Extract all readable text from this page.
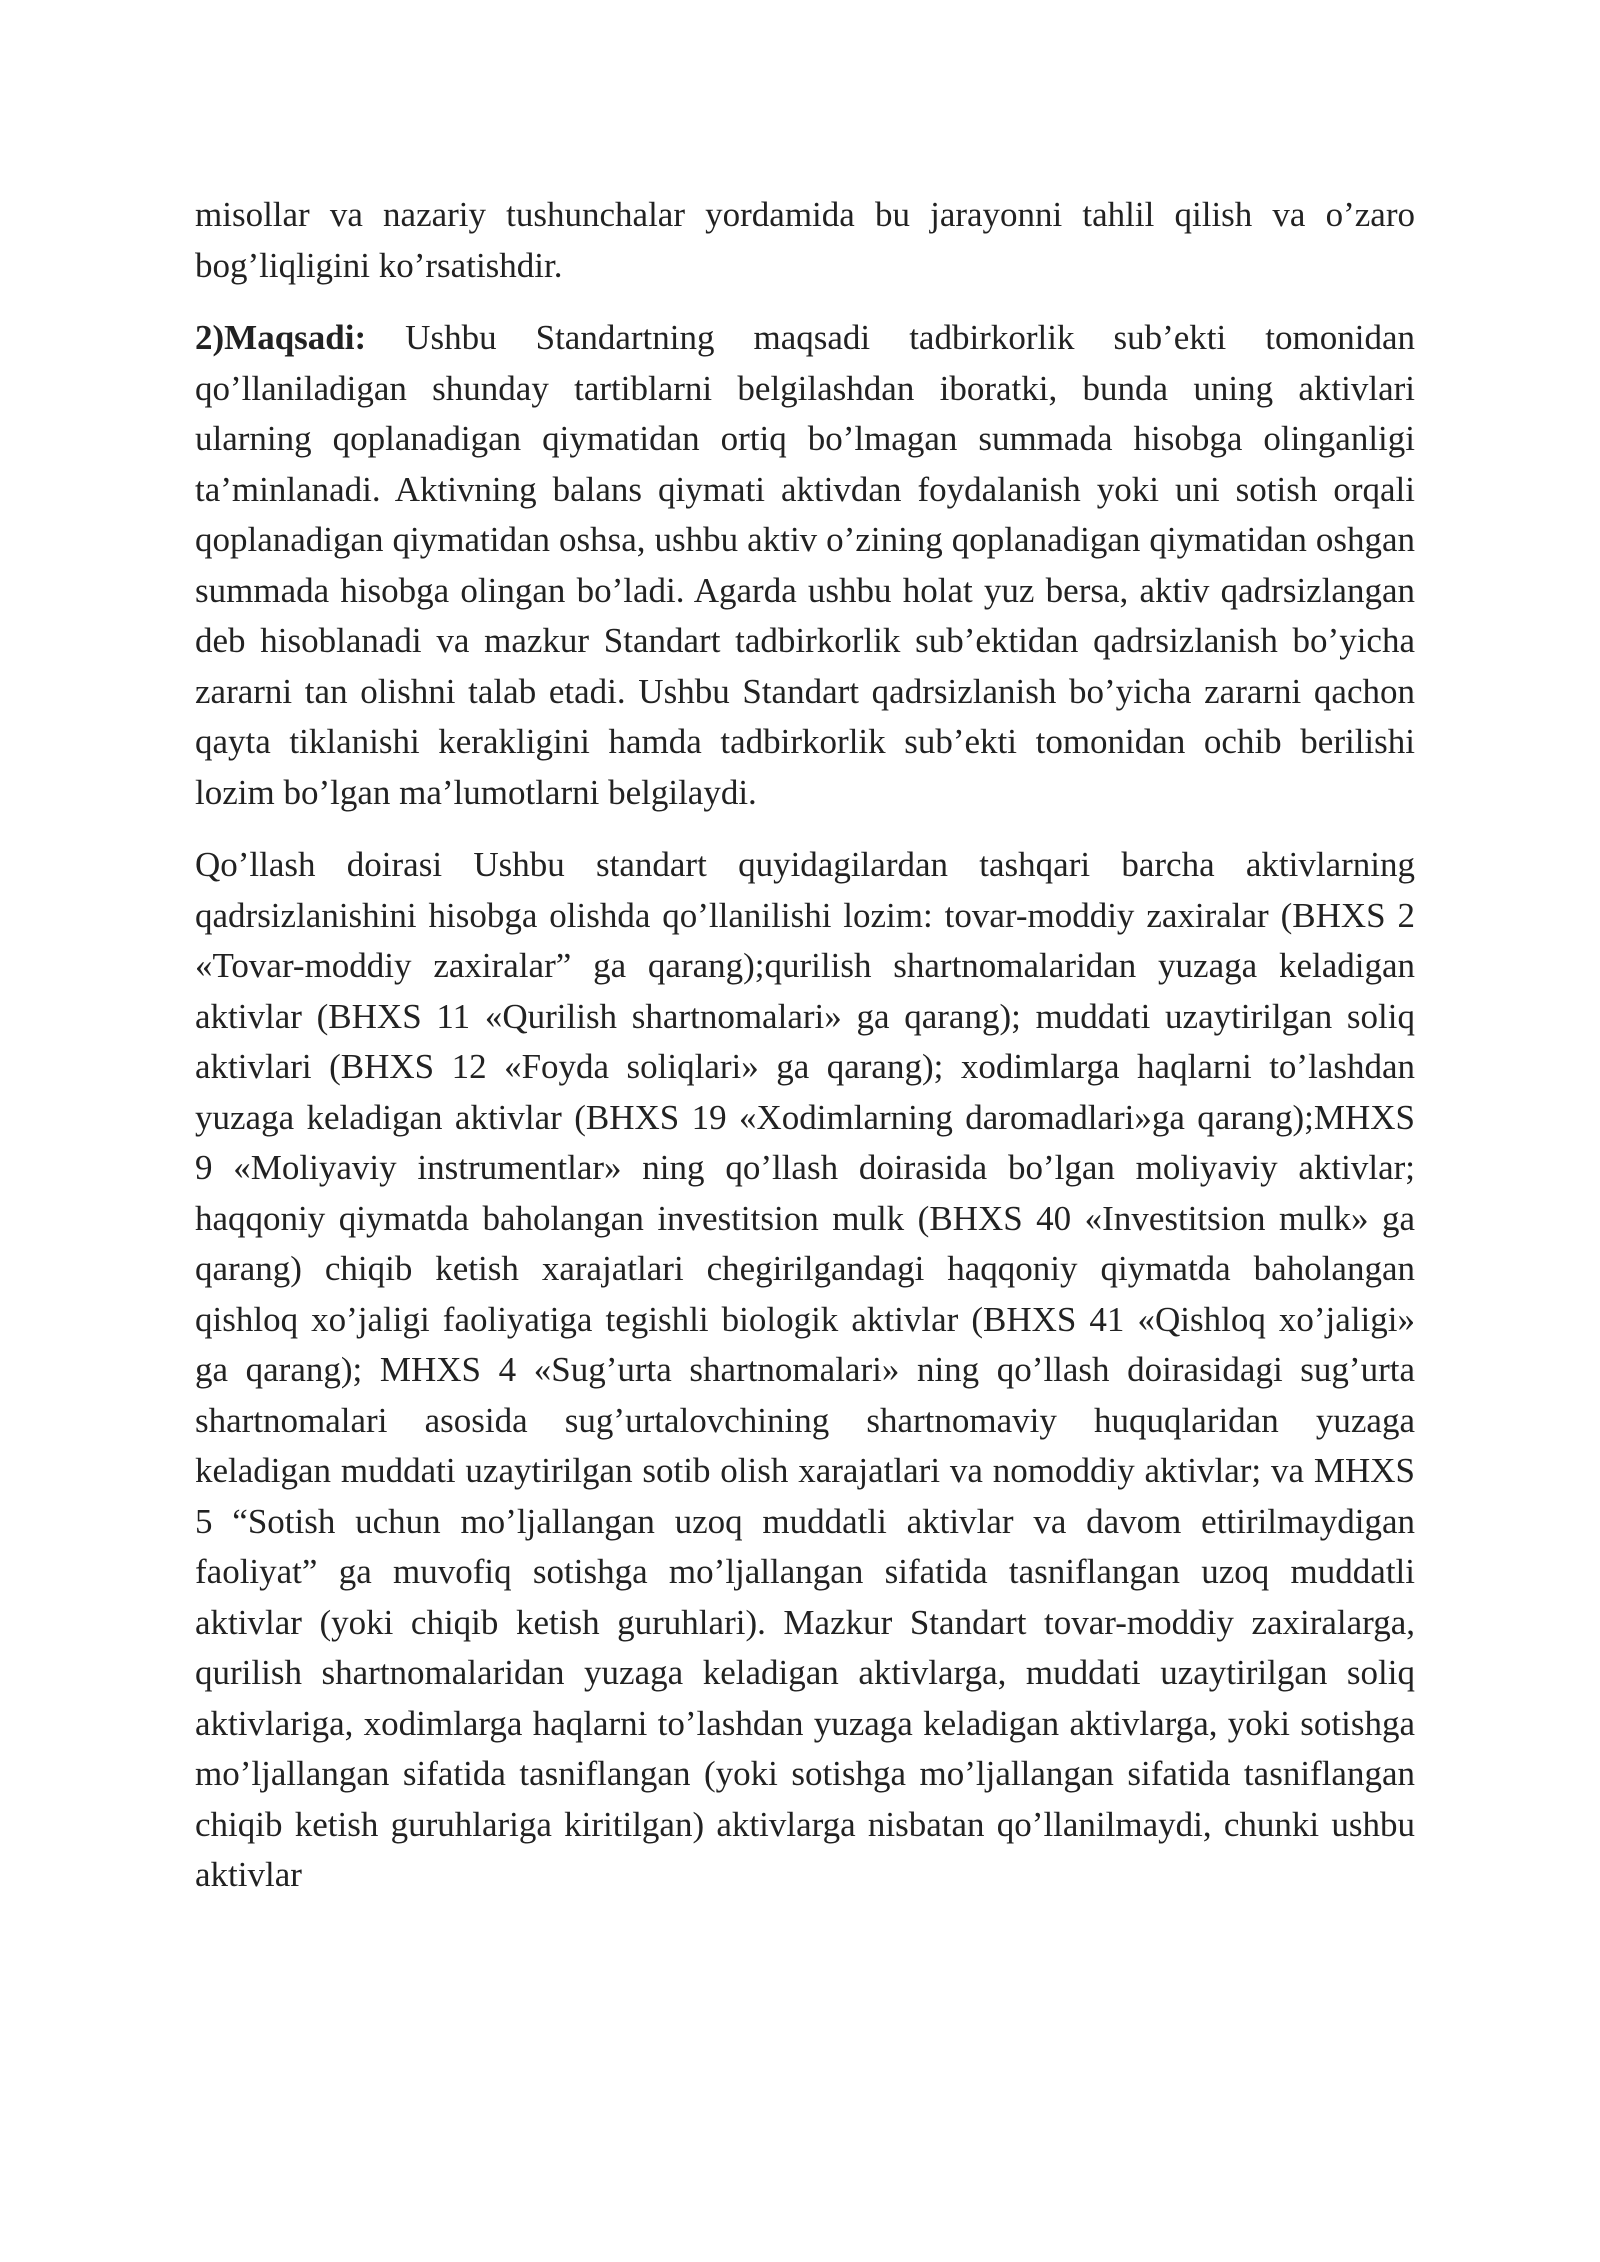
misollar va nazariy tushunchalar yordamida bu jarayonni tahlil qilish va o’zaro bog’liqligini ko’rsatishdir.

2)Maqsadi: Ushbu Standartning maqsadi tadbirkorlik sub’ekti tomonidan qo’llaniladigan shunday tartiblarni belgilashdan iboratki, bunda uning aktivlari ularning qoplanadigan qiymatidan ortiq bo’lmagan summada hisobga olinganligi ta’minlanadi. Aktivning balans qiymati aktivdan foydalanish yoki uni sotish orqali qoplanadigan qiymatidan oshsa, ushbu aktiv o’zining qoplanadigan qiymatidan oshgan summada hisobga olingan bo’ladi. Agarda ushbu holat yuz bersa, aktiv qadrsizlangan deb hisoblanadi va mazkur Standart tadbirkorlik sub’ektidan qadrsizlanish bo’yicha zararni tan olishni talab etadi. Ushbu Standart qadrsizlanish bo’yicha zararni qachon qayta tiklanishi kerakligini hamda tadbirkorlik sub’ekti tomonidan ochib berilishi lozim bo’lgan ma’lumotlarni belgilaydi.

Qo’llash doirasi Ushbu standart quyidagilardan tashqari barcha aktivlarning qadrsizlanishini hisobga olishda qo’llanilishi lozim: tovar-moddiy zaxiralar (BHXS 2 «Tovar-moddiy zaxiralar” ga qarang);qurilish shartnomalaridan yuzaga keladigan aktivlar (BHXS 11 «Qurilish shartnomalari» ga qarang); muddati uzaytirilgan soliq aktivlari (BHXS 12 «Foyda soliqlari» ga qarang); xodimlarga haqlarni to’lashdan yuzaga keladigan aktivlar (BHXS 19 «Xodimlarning daromadlari»ga qarang);MHXS 9 «Moliyaviy instrumentlar» ning qo’llash doirasida bo’lgan moliyaviy aktivlar; haqqoniy qiymatda baholangan investitsion mulk (BHXS 40 «Investitsion mulk» ga qarang) chiqib ketish xarajatlari chegirilgandagi haqqoniy qiymatda baholangan qishloq xo’jaligi faoliyatiga tegishli biologik aktivlar (BHXS 41 «Qishloq xo’jaligi» ga qarang); MHXS 4 «Sug’urta shartnomalari» ning qo’llash doirasidagi sug’urta shartnomalari asosida sug’urtalovchining shartnomaviy huquqlaridan yuzaga keladigan muddati uzaytirilgan sotib olish xarajatlari va nomoddiy aktivlar; va MHXS 5 “Sotish uchun mo’ljallangan uzoq muddatli aktivlar va davom ettirilmaydigan faoliyat” ga muvofiq sotishga mo’ljallangan sifatida tasniflangan uzoq muddatli aktivlar (yoki chiqib ketish guruhlari). Mazkur Standart tovar-moddiy zaxiralarga, qurilish shartnomalaridan yuzaga keladigan aktivlarga, muddati uzaytirilgan soliq aktivlariga, xodimlarga haqlarni to’lashdan yuzaga keladigan aktivlarga, yoki sotishga mo’ljallangan sifatida tasniflangan (yoki sotishga mo’ljallangan sifatida tasniflangan chiqib ketish guruhlariga kiritilgan) aktivlarga nisbatan qo’llanilmaydi, chunki ushbu aktivlar
